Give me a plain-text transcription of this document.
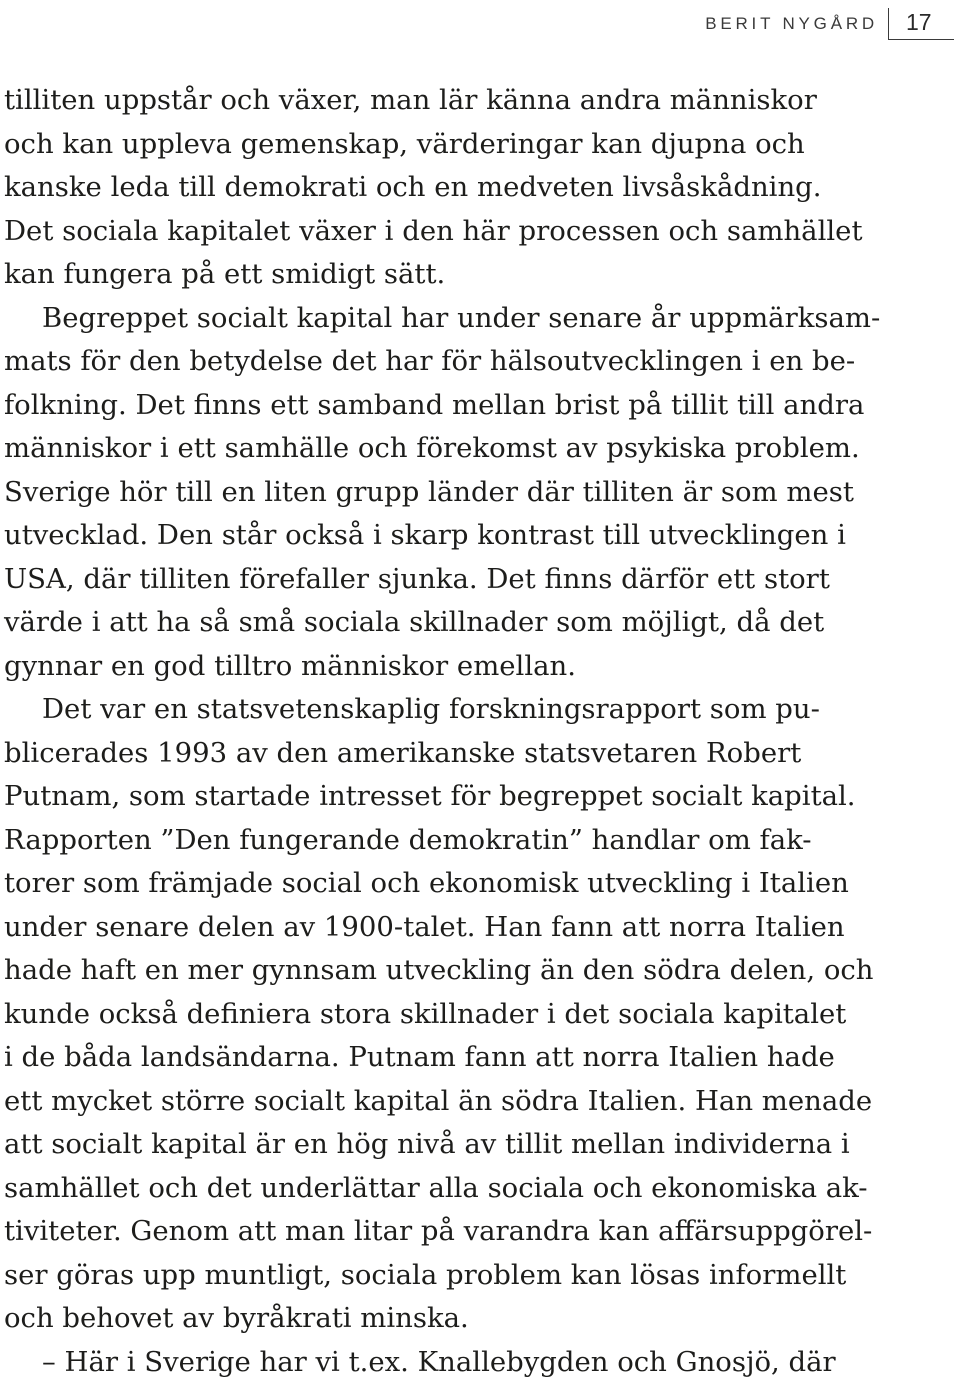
BERIT NYGÅRD 17
tilliten uppstår och växer, man lär känna andra människor
och kan uppleva gemenskap, värderingar kan djupna och
kanske leda till demokrati och en medveten livsåskådning.
Det sociala kapitalet växer i den här processen och samhället
kan fungera på ett smidigt sätt.
Begreppet socialt kapital har under senare år uppmärksam-
mats för den betydelse det har för hälsoutvecklingen i en be-
folkning. Det finns ett samband mellan brist på tillit till andra
människor i ett samhälle och förekomst av psykiska problem.
Sverige hör till en liten grupp länder där tilliten är som mest
utvecklad. Den står också i skarp kontrast till utvecklingen i
USA, där tilliten förefaller sjunka. Det finns därför ett stort
värde i att ha så små sociala skillnader som möjligt, då det
gynnar en god tilltro människor emellan.
Det var en statsvetenskaplig forskningsrapport som pu-
blicerades 1993 av den amerikanske statsvetaren Robert
Putnam, som startade intresset för begreppet socialt kapital.
Rapporten ”Den fungerande demokratin” handlar om fak-
torer som främjade social och ekonomisk utveckling i Italien
under senare delen av 1900-talet. Han fann att norra Italien
hade haft en mer gynnsam utveckling än den södra delen, och
kunde också definiera stora skillnader i det sociala kapitalet
i de båda landsändarna. Putnam fann att norra Italien hade
ett mycket större socialt kapital än södra Italien. Han menade
att socialt kapital är en hög nivå av tillit mellan individerna i
samhället och det underlättar alla sociala och ekonomiska ak-
tiviteter. Genom att man litar på varandra kan affärsuppgörel-
ser göras upp muntligt, sociala problem kan lösas informellt
och behovet av byråkrati minska.
– Här i Sverige har vi t.ex. Knallebygden och Gnosjö, där
